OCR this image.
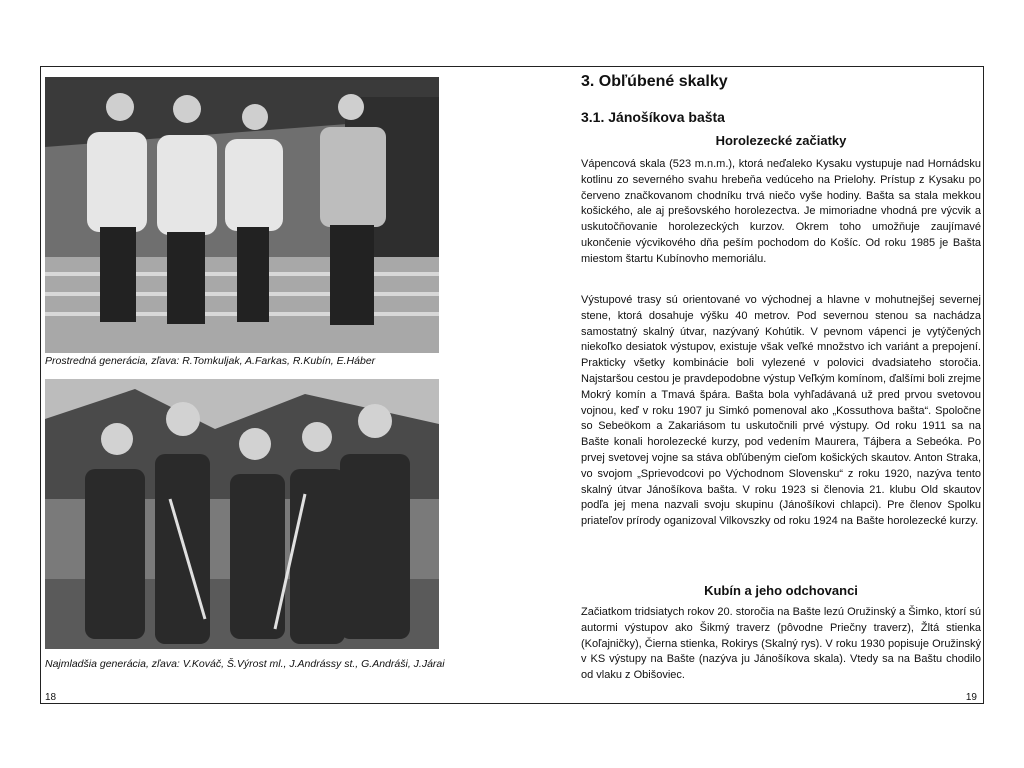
Prostredná generácia, zľava: R.Tomkuljak, A.Farkas, R.Kubín, E.Háber
Najmladšia generácia, zľava: V.Kováč, Š.Výrost ml., J.Andrássy st., G.Andráši, J.Járai
18
3. Obľúbené skalky
3.1. Jánošíkova bašta
Horolezecké začiatky

Vápencová skala (523 m.n.m.), ktorá neďaleko Kysaku vystupuje nad Hornádsku kotlinu zo severného svahu hrebeňa vedúceho na Prielohy. Prístup z Kysaku po červeno značkovanom chodníku trvá niečo vyše hodiny. Bašta sa stala mekkou košického, ale aj prešovského horolezectva. Je mimoriadne vhodná pre výcvik a uskutočňovanie horolezeckých kurzov. Okrem toho umožňuje zaujímavé ukončenie výcvikového dňa peším pochodom do Košíc. Od roku 1985 je Bašta miestom štartu Kubínovho memoriálu.

Výstupové trasy sú orientované vo východnej a hlavne v mohutnejšej severnej stene, ktorá dosahuje výšku 40 metrov. Pod severnou stenou sa nachádza samostatný skalný útvar, nazývaný Kohútik. V pevnom vápenci je vytýčených niekoľko desiatok výstupov, existuje však veľké množstvo ich variánt a prepojení. Prakticky všetky kombinácie boli vylezené v polovici dvadsiateho storočia. Najstaršou cestou je pravdepodobne výstup Veľkým komínom, ďalšími boli zrejme Mokrý komín a Tmavá špára. Bašta bola vyhľadávaná už pred prvou svetovou vojnou, keď v roku 1907 ju Simkó pomenoval ako „Kossuthova bašta“. Spoločne so Sebeökom a Zakariásom tu uskutočnili prvé výstupy. Od roku 1911 sa na Bašte konali horolezecké kurzy, pod vedením Maurera, Tájbera a Sebeóka. Po prvej svetovej vojne sa stáva obľúbeným cieľom košických skautov. Anton Straka, vo svojom „Sprievodcovi po Východnom Slovensku“ z roku 1920, nazýva tento skalný útvar Jánošíkova bašta. V roku 1923 si členovia 21. klubu Old skautov podľa jej mena nazvali svoju skupinu (Jánošíkovi chlapci). Pre členov Spolku priateľov prírody oganizoval Vilkovszky od roku 1924 na Bašte horolezecké kurzy.

Kubín a jeho odchovanci

Začiatkom tridsiatych rokov 20. storočia na Bašte lezú Oružinský a Šimko, ktorí sú autormi výstupov ako Šikmý traverz (pôvodne Priečny traverz), Žltá stienka (Koľajničky), Čierna stienka, Rokirys (Skalný rys). V roku 1930 popisuje Oružinský v KS výstupy na Bašte (nazýva ju Jánošíkova skala). Vtedy sa na Baštu chodilo od vlaku z Obišoviec.

19
